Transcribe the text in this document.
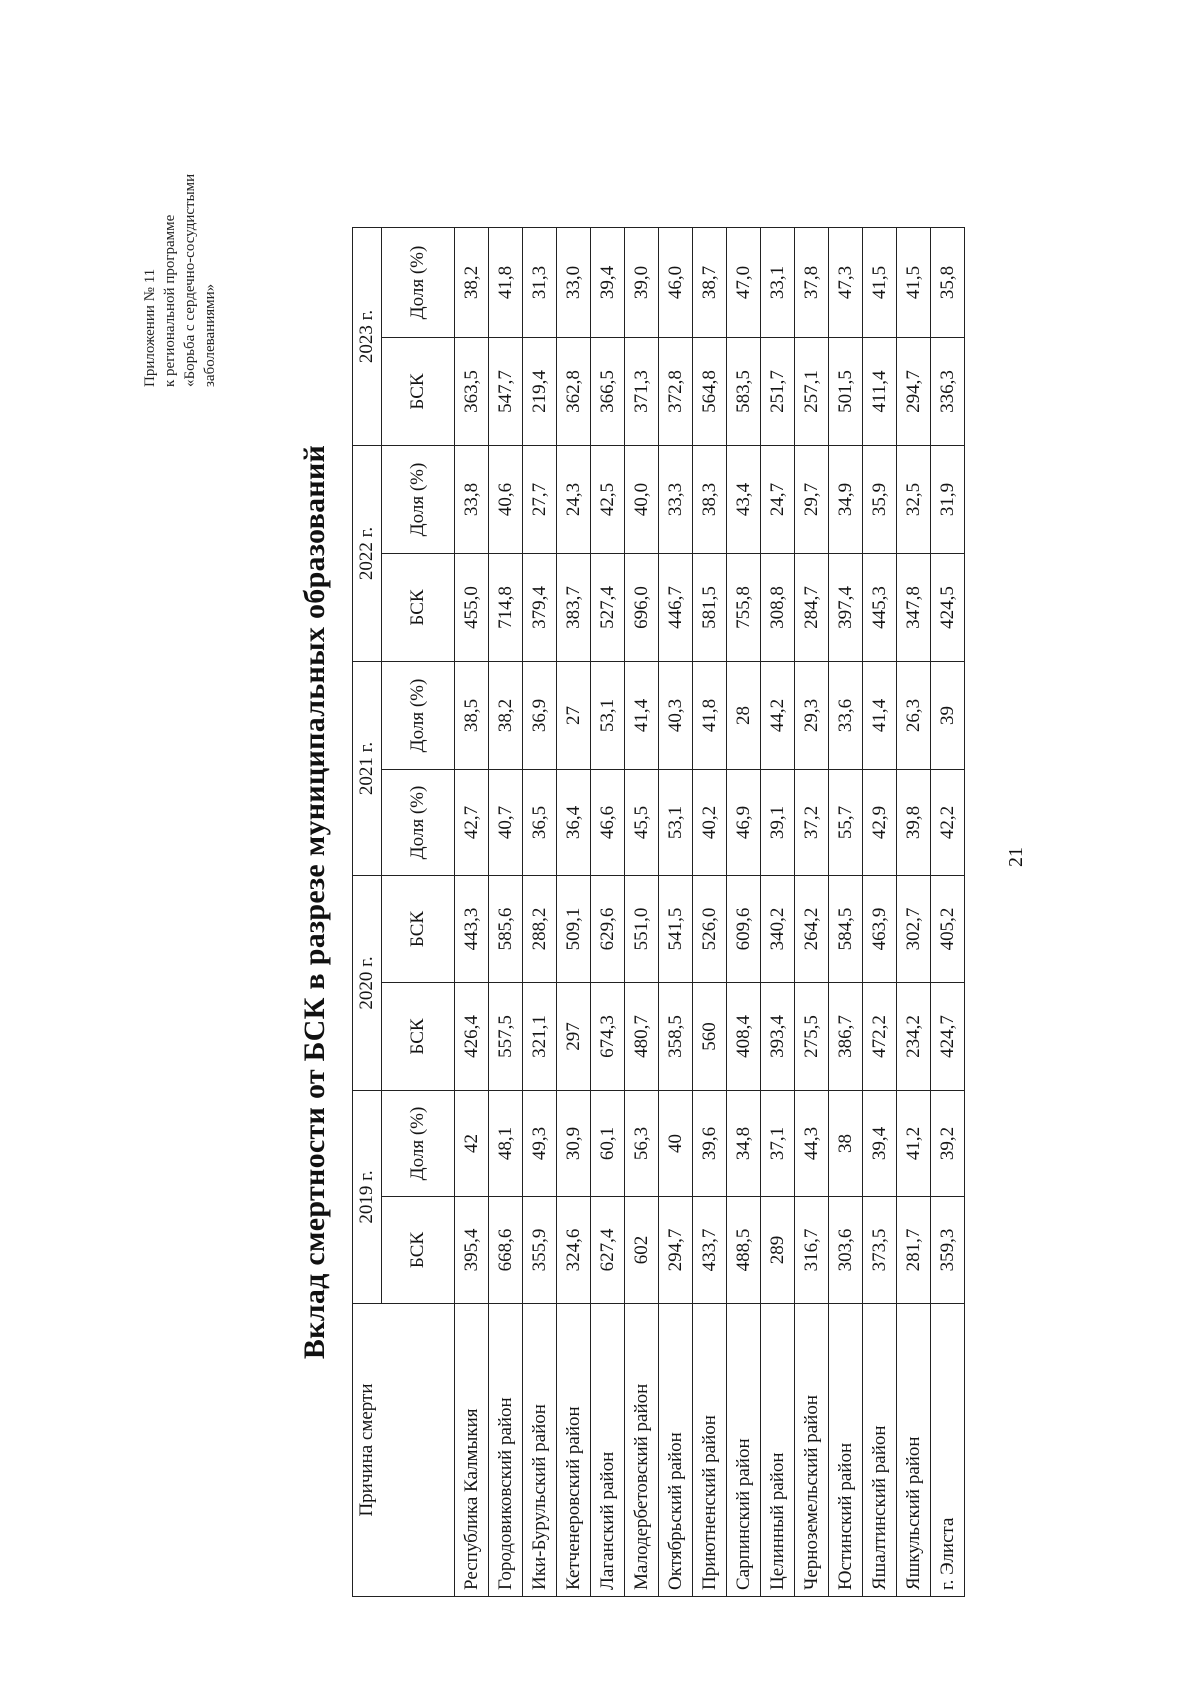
Приложении № 11 к региональной программе «Борьба с сердечно-сосудистыми заболеваниями»
Вклад смертности от БСК в разрезе муниципальных образований
Причина смерти	2019 г.		2020 г.		2021 г.		2022 г.		2023 г.	
	БСК	Доля (%)	БСК	БСК	Доля (%)	Доля (%)	БСК	Доля (%)	БСК	Доля (%)
Республика Калмыкия	395,4	42	426,4	443,3	42,7	38,5	455,0	33,8	363,5	38,2
Городовиковский район	668,6	48,1	557,5	585,6	40,7	38,2	714,8	40,6	547,7	41,8
Ики-Бурульский район	355,9	49,3	321,1	288,2	36,5	36,9	379,4	27,7	219,4	31,3
Кетченеровский район	324,6	30,9	297	509,1	36,4	27	383,7	24,3	362,8	33,0
Лаганский район	627,4	60,1	674,3	629,6	46,6	53,1	527,4	42,5	366,5	39,4
Малодербетовский район	602	56,3	480,7	551,0	45,5	41,4	696,0	40,0	371,3	39,0
Октябрьский район	294,7	40	358,5	541,5	53,1	40,3	446,7	33,3	372,8	46,0
Приютненский район	433,7	39,6	560	526,0	40,2	41,8	581,5	38,3	564,8	38,7
Сарпинский район	488,5	34,8	408,4	609,6	46,9	28	755,8	43,4	583,5	47,0
Целинный район	289	37,1	393,4	340,2	39,1	44,2	308,8	24,7	251,7	33,1
Черноземельский район	316,7	44,3	275,5	264,2	37,2	29,3	284,7	29,7	257,1	37,8
Юстинский район	303,6	38	386,7	584,5	55,7	33,6	397,4	34,9	501,5	47,3
Яшалтинский район	373,5	39,4	472,2	463,9	42,9	41,4	445,3	35,9	411,4	41,5
Яшкульский район	281,7	41,2	234,2	302,7	39,8	26,3	347,8	32,5	294,7	41,5
г. Элиста	359,3	39,2	424,7	405,2	42,2	39	424,5	31,9	336,3	35,8
21
